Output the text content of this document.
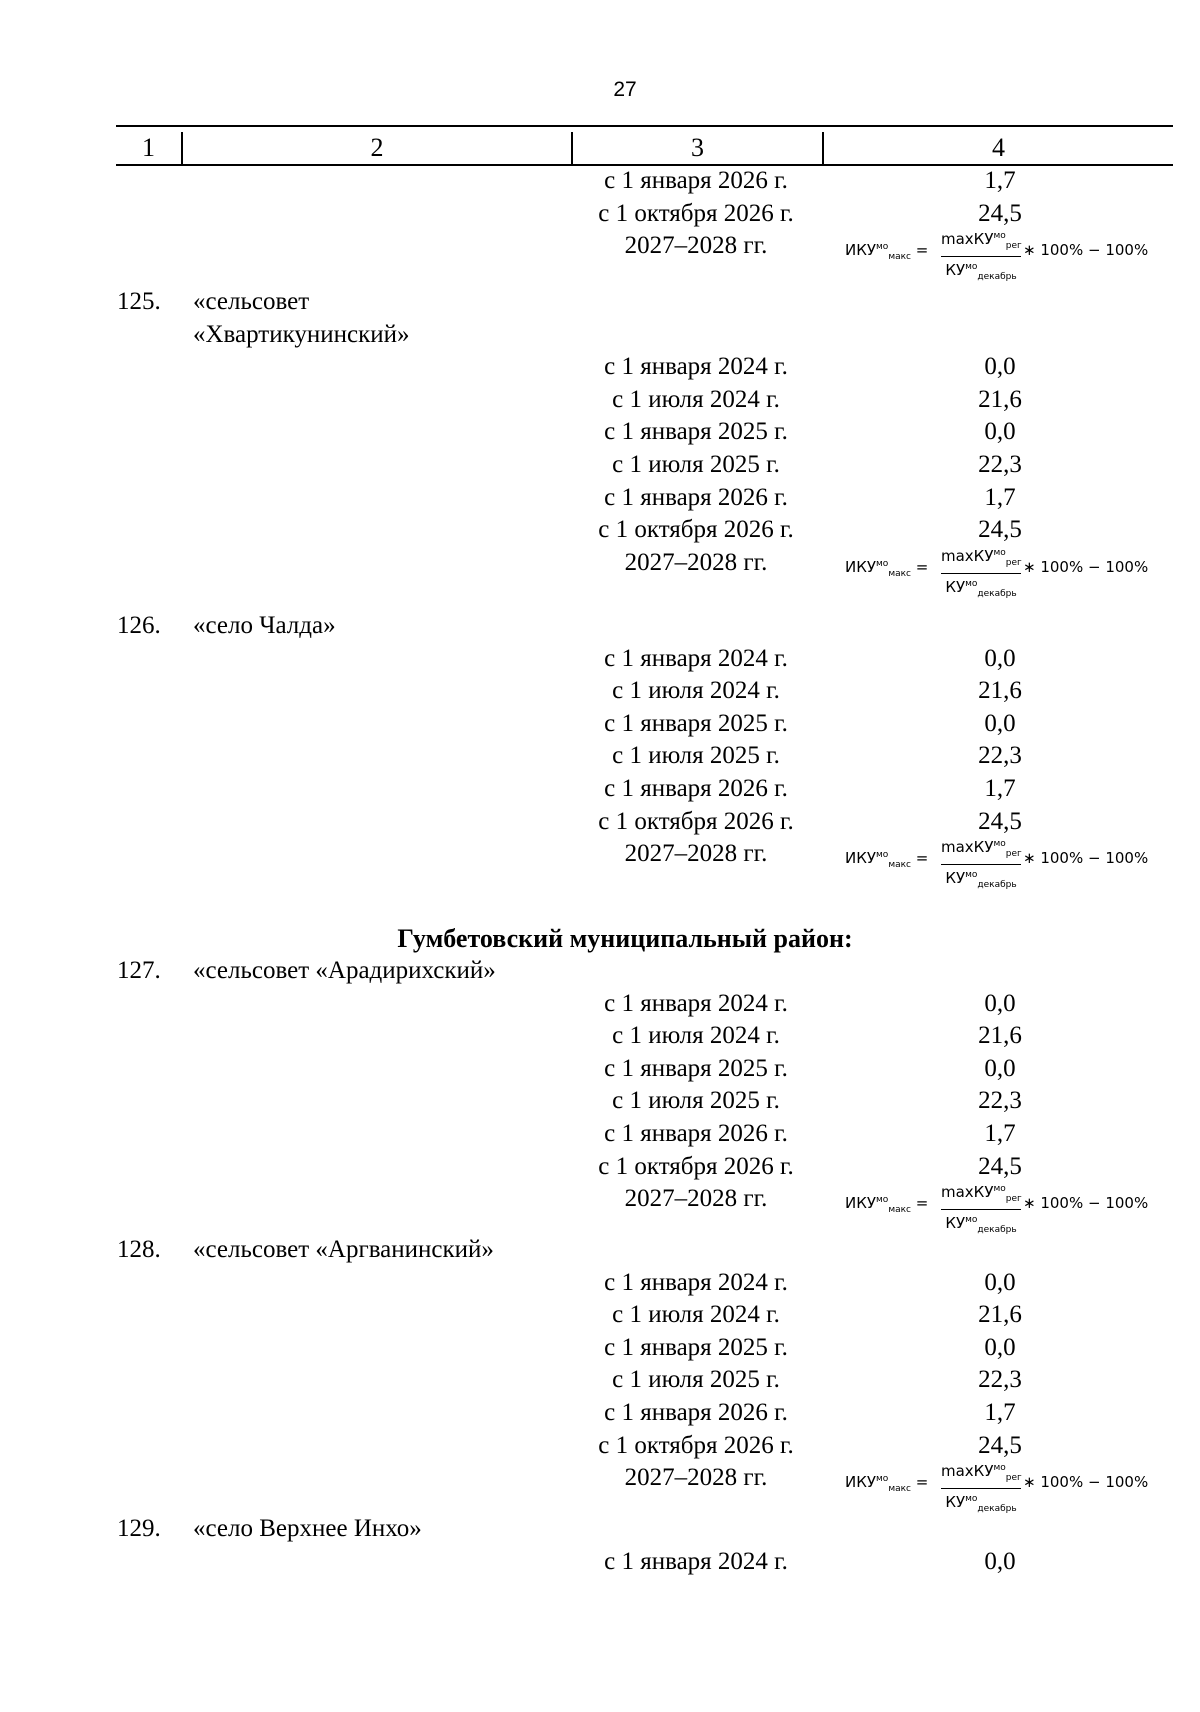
27
1	2	3	4
с 1 января 2026 г.	1,7
с 1 октября 2026 г.	24,5
2027–2028 гг.	$ИКУ^{мо}_{макс}$ =
maxКУ$^{мо}_{рег}$
$КУ^{мо}_{декабрь}$
∗ 100% − 100%
125. «сельсовет
«Хвартикунинский»
с 1 января 2024 г.	0,0
с 1 июля 2024 г.	21,6
с 1 января 2025 г.	0,0
с 1 июля 2025 г.	22,3
с 1 января 2026 г.	1,7
с 1 октября 2026 г.	24,5
2027–2028 гг.	$ИКУ^{мо}_{макс}$ =
maxКУ$^{мо}_{рег}$
$КУ^{мо}_{декабрь}$
∗ 100% − 100%
126. «село Чалда»
с 1 января 2024 г.	0,0
с 1 июля 2024 г.	21,6
с 1 января 2025 г.	0,0
с 1 июля 2025 г.	22,3
с 1 января 2026 г.	1,7
с 1 октября 2026 г.	24,5
2027–2028 гг.	$ИКУ^{мо}_{макс}$ =
maxКУ$^{мо}_{рег}$
$КУ^{мо}_{декабрь}$
∗ 100% − 100%
Гумбетовский муниципальный район:
127. «сельсовет «Арадирихский»
с 1 января 2024 г.	0,0
с 1 июля 2024 г.	21,6
с 1 января 2025 г.	0,0
с 1 июля 2025 г.	22,3
с 1 января 2026 г.	1,7
с 1 октября 2026 г.	24,5
2027–2028 гг.	$ИКУ^{мо}_{макс}$ =
maxКУ$^{мо}_{рег}$
$КУ^{мо}_{декабрь}$
∗ 100% − 100%
128. «сельсовет «Аргванинский»
с 1 января 2024 г.	0,0
с 1 июля 2024 г.	21,6
с 1 января 2025 г.	0,0
с 1 июля 2025 г.	22,3
с 1 января 2026 г.	1,7
с 1 октября 2026 г.	24,5
2027–2028 гг.	$ИКУ^{мо}_{макс}$ =
maxКУ$^{мо}_{рег}$
$КУ^{мо}_{декабрь}$
∗ 100% − 100%
129. «село Верхнее Инхо»
с 1 января 2024 г.	0,0
